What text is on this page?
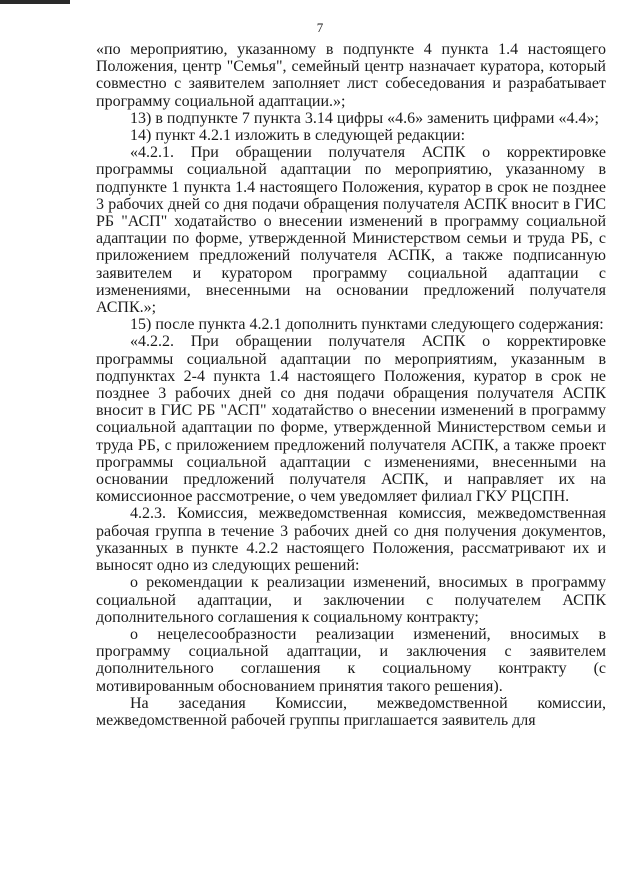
7

«по мероприятию, указанному в подпункте 4 пункта 1.4 настоящего Положения, центр "Семья", семейный центр назначает куратора, который совместно с заявителем заполняет лист собеседования и разрабатывает программу социальной адаптации.»;

13) в подпункте 7 пункта 3.14 цифры «4.6» заменить цифрами «4.4»;

14) пункт 4.2.1 изложить в следующей редакции:

«4.2.1. При обращении получателя АСПК о корректировке программы социальной адаптации по мероприятию, указанному в подпункте 1 пункта 1.4 настоящего Положения, куратор в срок не позднее 3 рабочих дней со дня подачи обращения получателя АСПК вносит в ГИС РБ "АСП" ходатайство о внесении изменений в программу социальной адаптации по форме, утвержденной Министерством семьи и труда РБ, с приложением предложений получателя АСПК, а также подписанную заявителем и куратором программу социальной адаптации с изменениями, внесенными на основании предложений получателя АСПК.»;

15) после пункта 4.2.1 дополнить пунктами следующего содержания:

«4.2.2. При обращении получателя АСПК о корректировке программы социальной адаптации по мероприятиям, указанным в подпунктах 2-4 пункта 1.4 настоящего Положения, куратор в срок не позднее 3 рабочих дней со дня подачи обращения получателя АСПК вносит в ГИС РБ "АСП" ходатайство о внесении изменений в программу социальной адаптации по форме, утвержденной Министерством семьи и труда РБ, с приложением предложений получателя АСПК, а также проект программы социальной адаптации с изменениями, внесенными на основании предложений получателя АСПК, и направляет их на комиссионное рассмотрение, о чем уведомляет филиал ГКУ РЦСПН.

4.2.3. Комиссия, межведомственная комиссия, межведомственная рабочая группа в течение 3 рабочих дней со дня получения документов, указанных в пункте 4.2.2 настоящего Положения, рассматривают их и выносят одно из следующих решений:

о рекомендации к реализации изменений, вносимых в программу социальной адаптации, и заключении с получателем АСПК дополнительного соглашения к социальному контракту;

о нецелесообразности реализации изменений, вносимых в программу социальной адаптации, и заключения с заявителем дополнительного соглашения к социальному контракту (с мотивированным обоснованием принятия такого решения).

На заседания Комиссии, межведомственной комиссии, межведомственной рабочей группы приглашается заявитель для
